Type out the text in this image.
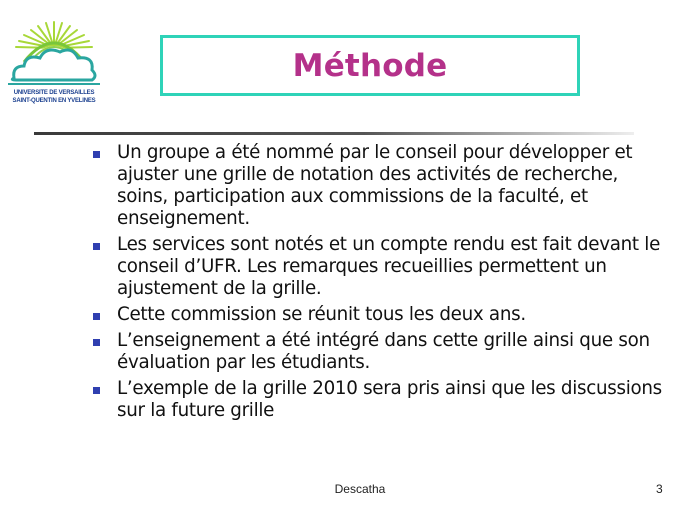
UNIVERSITE DE VERSAILLES
SAINT-QUENTIN EN YVELINES
Méthode
Un groupe a été nommé par le conseil pour développer et ajuster une grille de notation des activités de recherche, soins, participation aux commissions de la faculté, et enseignement.
Les services sont notés et un compte rendu est fait devant le conseil d’UFR. Les remarques recueillies permettent un ajustement de la grille.
Cette commission se réunit tous les deux ans.
L’enseignement a été intégré dans cette grille ainsi que son évaluation par les étudiants.
L’exemple de la grille 2010 sera pris ainsi que les discussions sur la future grille
Descatha	3
